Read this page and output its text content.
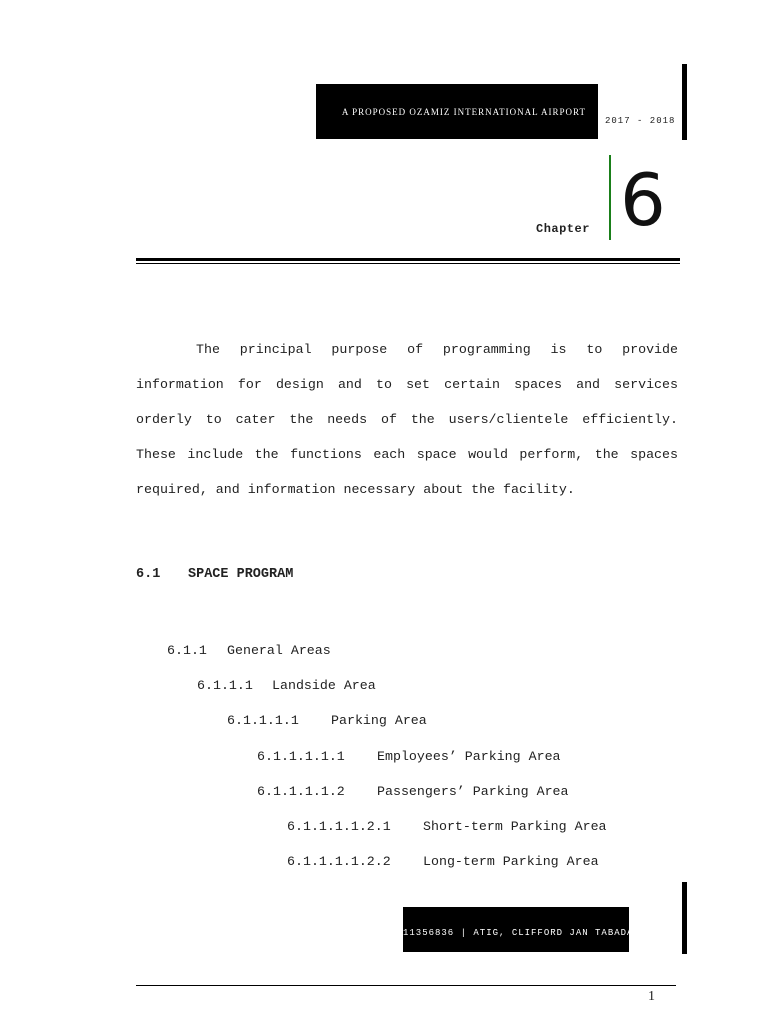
A PROPOSED OZAMIZ INTERNATIONAL AIRPORT
2017 - 2018
Chapter 6

The principal purpose of programming is to provide information for design and to set certain spaces and services orderly to cater the needs of the users/clientele efficiently. These include the functions each space would perform, the spaces required, and information necessary about the facility.

6.1 SPACE PROGRAM
6.1.1 General Areas
6.1.1.1 Landside Area
6.1.1.1.1 Parking Area
6.1.1.1.1.1 Employees’ Parking Area
6.1.1.1.1.2 Passengers’ Parking Area
6.1.1.1.1.2.1 Short-term Parking Area
6.1.1.1.1.2.2 Long-term Parking Area
11356836 | ATIG, CLIFFORD JAN TABADA
1
